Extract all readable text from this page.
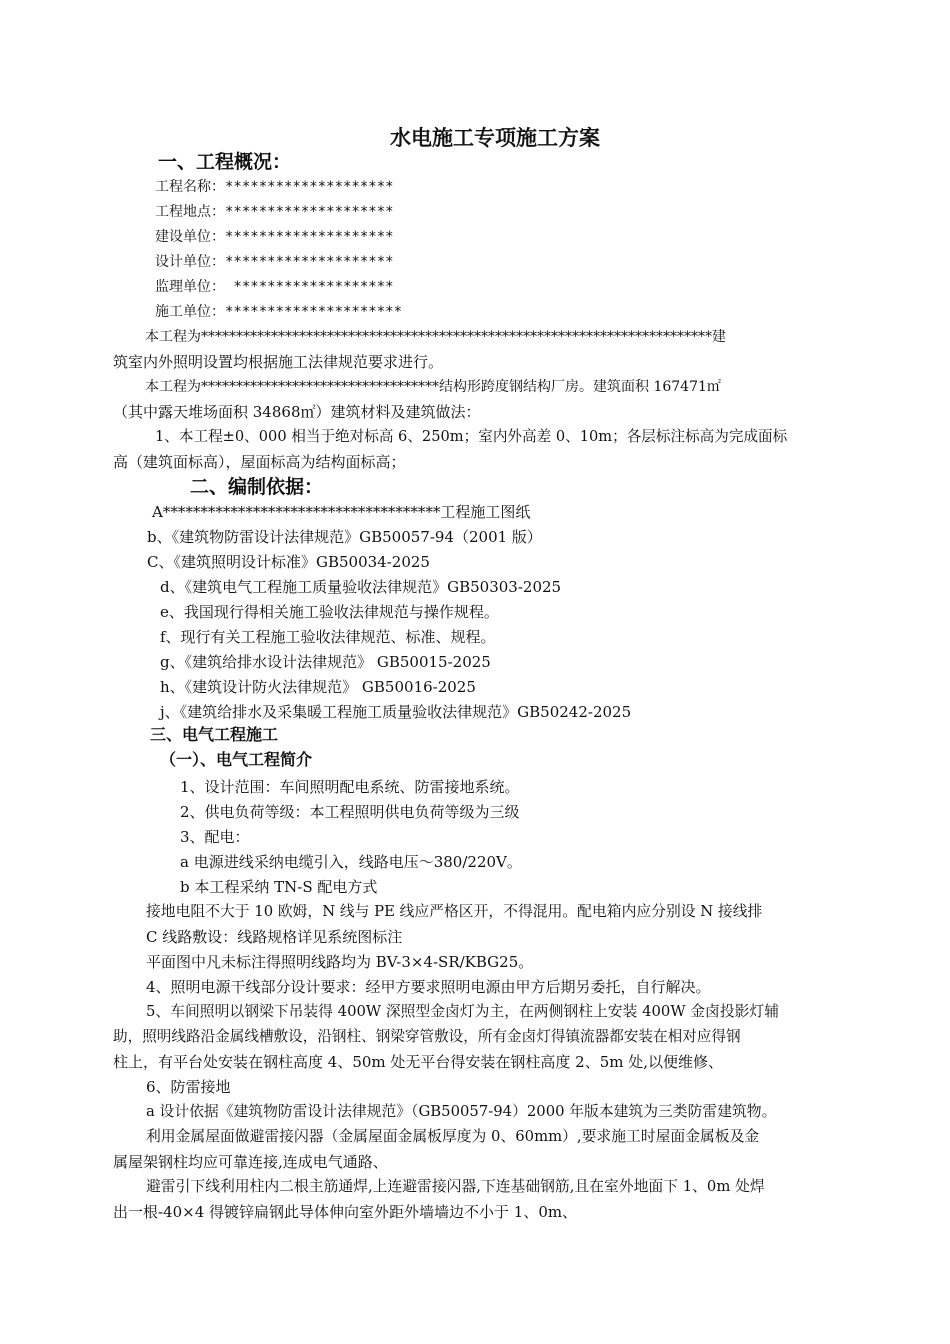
水电施工专项施工方案
一、工程概况：
工程名称：********************
工程地点：********************
建设单位：********************
设计单位：********************
监理单位： *******************
施工单位：*********************
本工程为*************************************************************************建
筑室内外照明设置均根据施工法律规范要求进行。
本工程为**********************************结构形跨度钢结构厂房。建筑面积 167471㎡
（其中露天堆场面积 34868㎡）建筑材料及建筑做法：
1、本工程±0、000 相当于绝对标高 6、250m；室内外高差 0、10m；各层标注标高为完成面标
高（建筑面标高），屋面标高为结构面标高；
二、编制依据：
A*************************************工程施工图纸
b、《建筑物防雷设计法律规范》GB50057-94（2001 版）
C、《建筑照明设计标准》GB50034-2025
d、《建筑电气工程施工质量验收法律规范》GB50303-2025
e、我国现行得相关施工验收法律规范与操作规程。
f、现行有关工程施工验收法律规范、标准、规程。
g、《建筑给排水设计法律规范》 GB50015-2025
h、《建筑设计防火法律规范》 GB50016-2025
j、《建筑给排水及采集暖工程施工质量验收法律规范》GB50242-2025
三、电气工程施工
（一）、电气工程简介
1、设计范围：车间照明配电系统、防雷接地系统。
2、供电负荷等级：本工程照明供电负荷等级为三级
3、配电：
a 电源进线采纳电缆引入，线路电压～380/220V。
b 本工程采纳 TN-S 配电方式
接地电阻不大于 10 欧姆，N 线与 PE 线应严格区开，不得混用。配电箱内应分别设 N 接线排
C 线路敷设：线路规格详见系统图标注
平面图中凡未标注得照明线路均为 BV-3×4-SR/KBG25。
4、照明电源干线部分设计要求：经甲方要求照明电源由甲方后期另委托，自行解决。
5、车间照明以钢梁下吊装得 400W 深照型金卤灯为主，在两侧钢柱上安装 400W 金卤投影灯辅
助，照明线路沿金属线槽敷设，沿钢柱、钢梁穿管敷设，所有金卤灯得镇流器都安装在相对应得钢
柱上，有平台处安装在钢柱高度 4、50m 处无平台得安装在钢柱高度 2、5m 处,以便维修、
6、防雷接地
a 设计依据《建筑物防雷设计法律规范》（GB50057-94）2000 年版本建筑为三类防雷建筑物。
利用金属屋面做避雷接闪器（金属屋面金属板厚度为 0、60mm）,要求施工时屋面金属板及金
属屋架钢柱均应可靠连接,连成电气通路、
避雷引下线利用柱内二根主筋通焊,上连避雷接闪器,下连基础钢筋,且在室外地面下 1、0m 处焊
出一根-40×4 得镀锌扁钢此导体伸向室外距外墙墙边不小于 1、0m、
